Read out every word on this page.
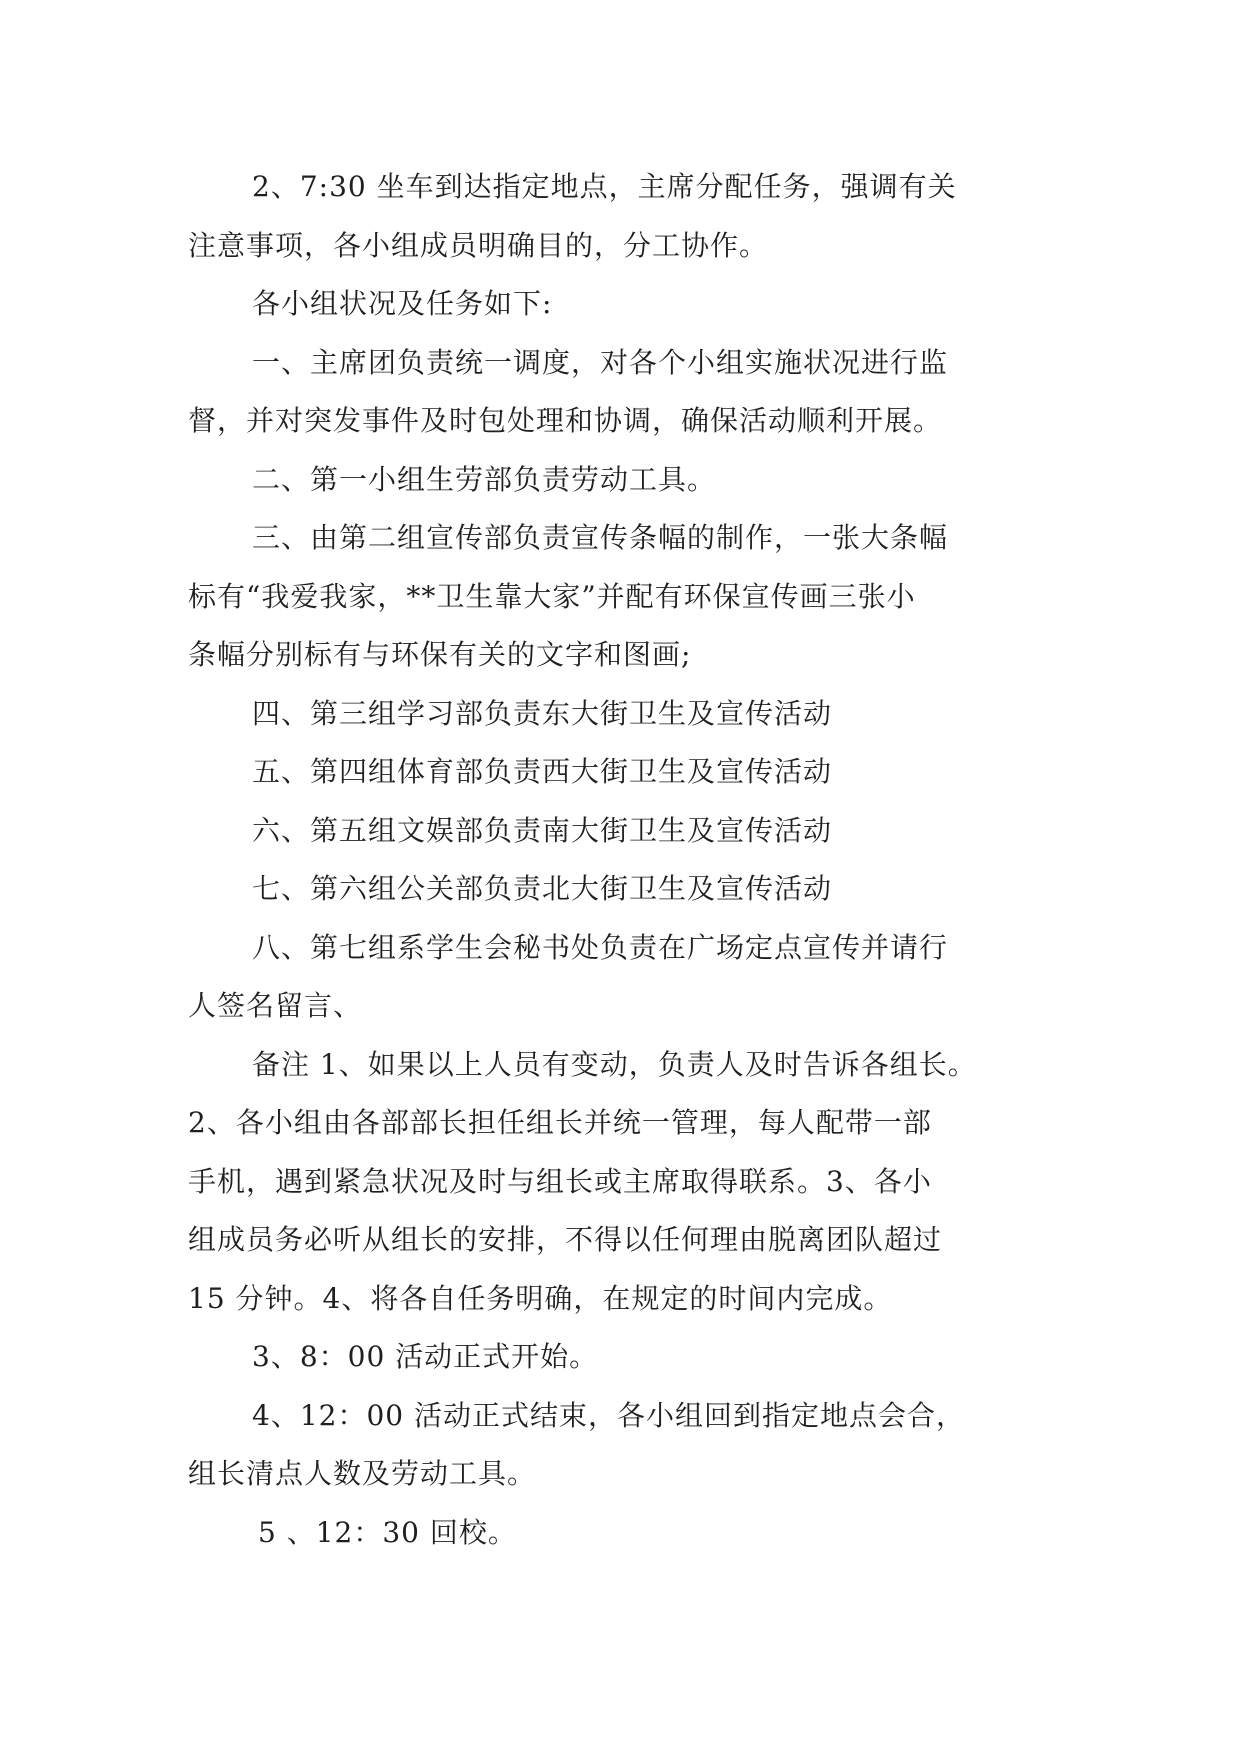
2、7:30 坐车到达指定地点，主席分配任务，强调有关
注意事项，各小组成员明确目的，分工协作。
各小组状况及任务如下:
一、主席团负责统一调度，对各个小组实施状况进行监
督，并对突发事件及时包处理和协调，确保活动顺利开展。
二、第一小组生劳部负责劳动工具。
三、由第二组宣传部负责宣传条幅的制作，一张大条幅
标有“我爱我家，**卫生靠大家”并配有环保宣传画三张小
条幅分别标有与环保有关的文字和图画;
四、第三组学习部负责东大街卫生及宣传活动
五、第四组体育部负责西大街卫生及宣传活动
六、第五组文娱部负责南大街卫生及宣传活动
七、第六组公关部负责北大街卫生及宣传活动
八、第七组系学生会秘书处负责在广场定点宣传并请行
人签名留言、
备注 1、如果以上人员有变动，负责人及时告诉各组长。
2、各小组由各部部长担任组长并统一管理，每人配带一部
手机，遇到紧急状况及时与组长或主席取得联系。3、各小
组成员务必听从组长的安排，不得以任何理由脱离团队超过
15 分钟。4、将各自任务明确，在规定的时间内完成。
3、8：00 活动正式开始。
4、12：00 活动正式结束，各小组回到指定地点会合，
组长清点人数及劳动工具。
5 、12：30 回校。
